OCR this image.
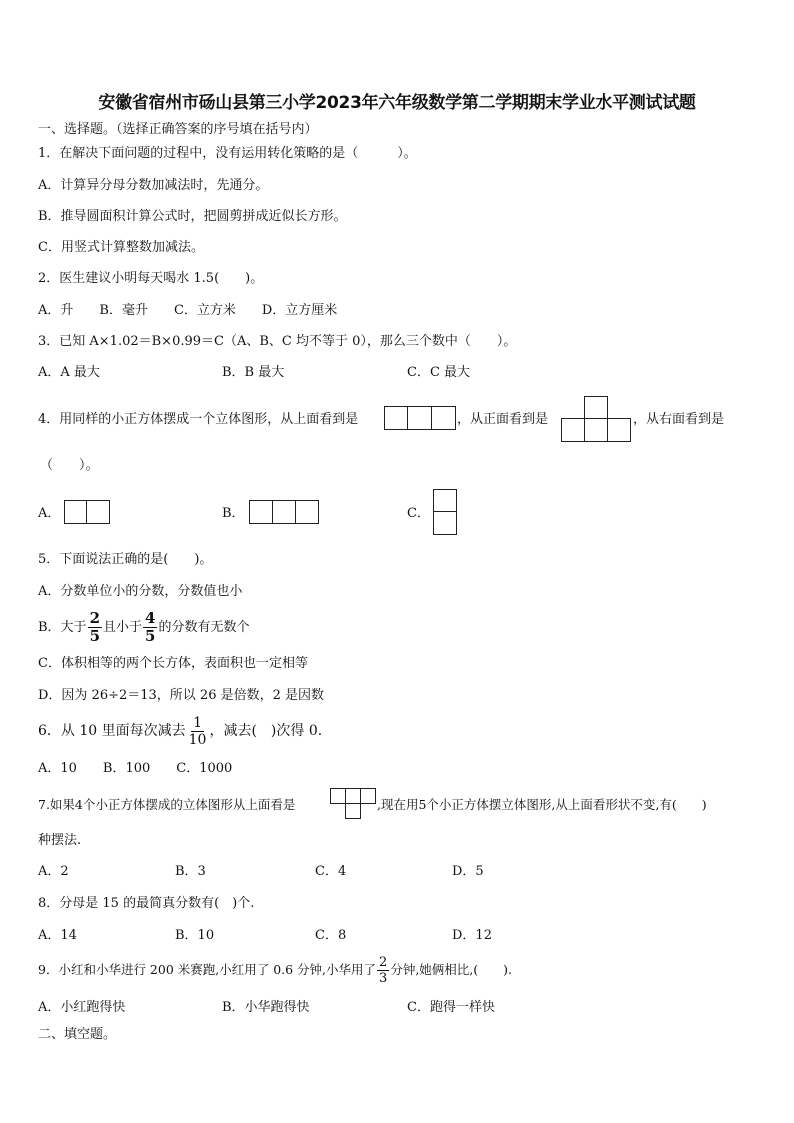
安徽省宿州市砀山县第三小学2023年六年级数学第二学期期末学业水平测试试题
一、选择题。（选择正确答案的序号填在括号内）
1．在解决下面问题的过程中，没有运用转化策略的是（　　　）。
A．计算异分母分数加减法时，先通分。
B．推导圆面积计算公式时，把圆剪拼成近似长方形。
C．用竖式计算整数加减法。
2．医生建议小明每天喝水 1.5(　　)。
A．升　　B．毫升　　C．立方米　　D．立方厘米
3．已知 A×1.02＝B×0.99＝C（A、B、C 均不等于 0），那么三个数中（　　）。
A．A 最大	B．B 最大	C．C 最大
4．用同样的小正方体摆成一个立体图形，从上面看到是	，从正面看到是	，从右面看到是
（　　）。
A．	B．	C．
5．下面说法正确的是(　　)。
A．分数单位小的分数，分数值也小
B．大于 $\frac{2}{5}$ 且小于 $\frac{4}{5}$ 的分数有无数个
C．体积相等的两个长方体，表面积也一定相等
D．因为 26÷2＝13，所以 26 是倍数，2 是因数
6．从 10 里面每次减去 $\frac{1}{10}$ ，减去(　)次得 0.
A．10　　B．100　　C．1000
7.如果4个小正方体摆成的立体图形从上面看是	,现在用5个小正方体摆立体图形,从上面看形状不变,有(　　)
种摆法.
A．2	B．3	C．4	D．5
8．分母是 15 的最简真分数有(　)个.
A．14	B．10	C．8	D．12
9．小红和小华进行 200 米赛跑,小红用了 0.6 分钟,小华用了 $\frac{2}{3}$ 分钟,她俩相比,(　　).
A．小红跑得快	B．小华跑得快	C．跑得一样快
二、填空题。
